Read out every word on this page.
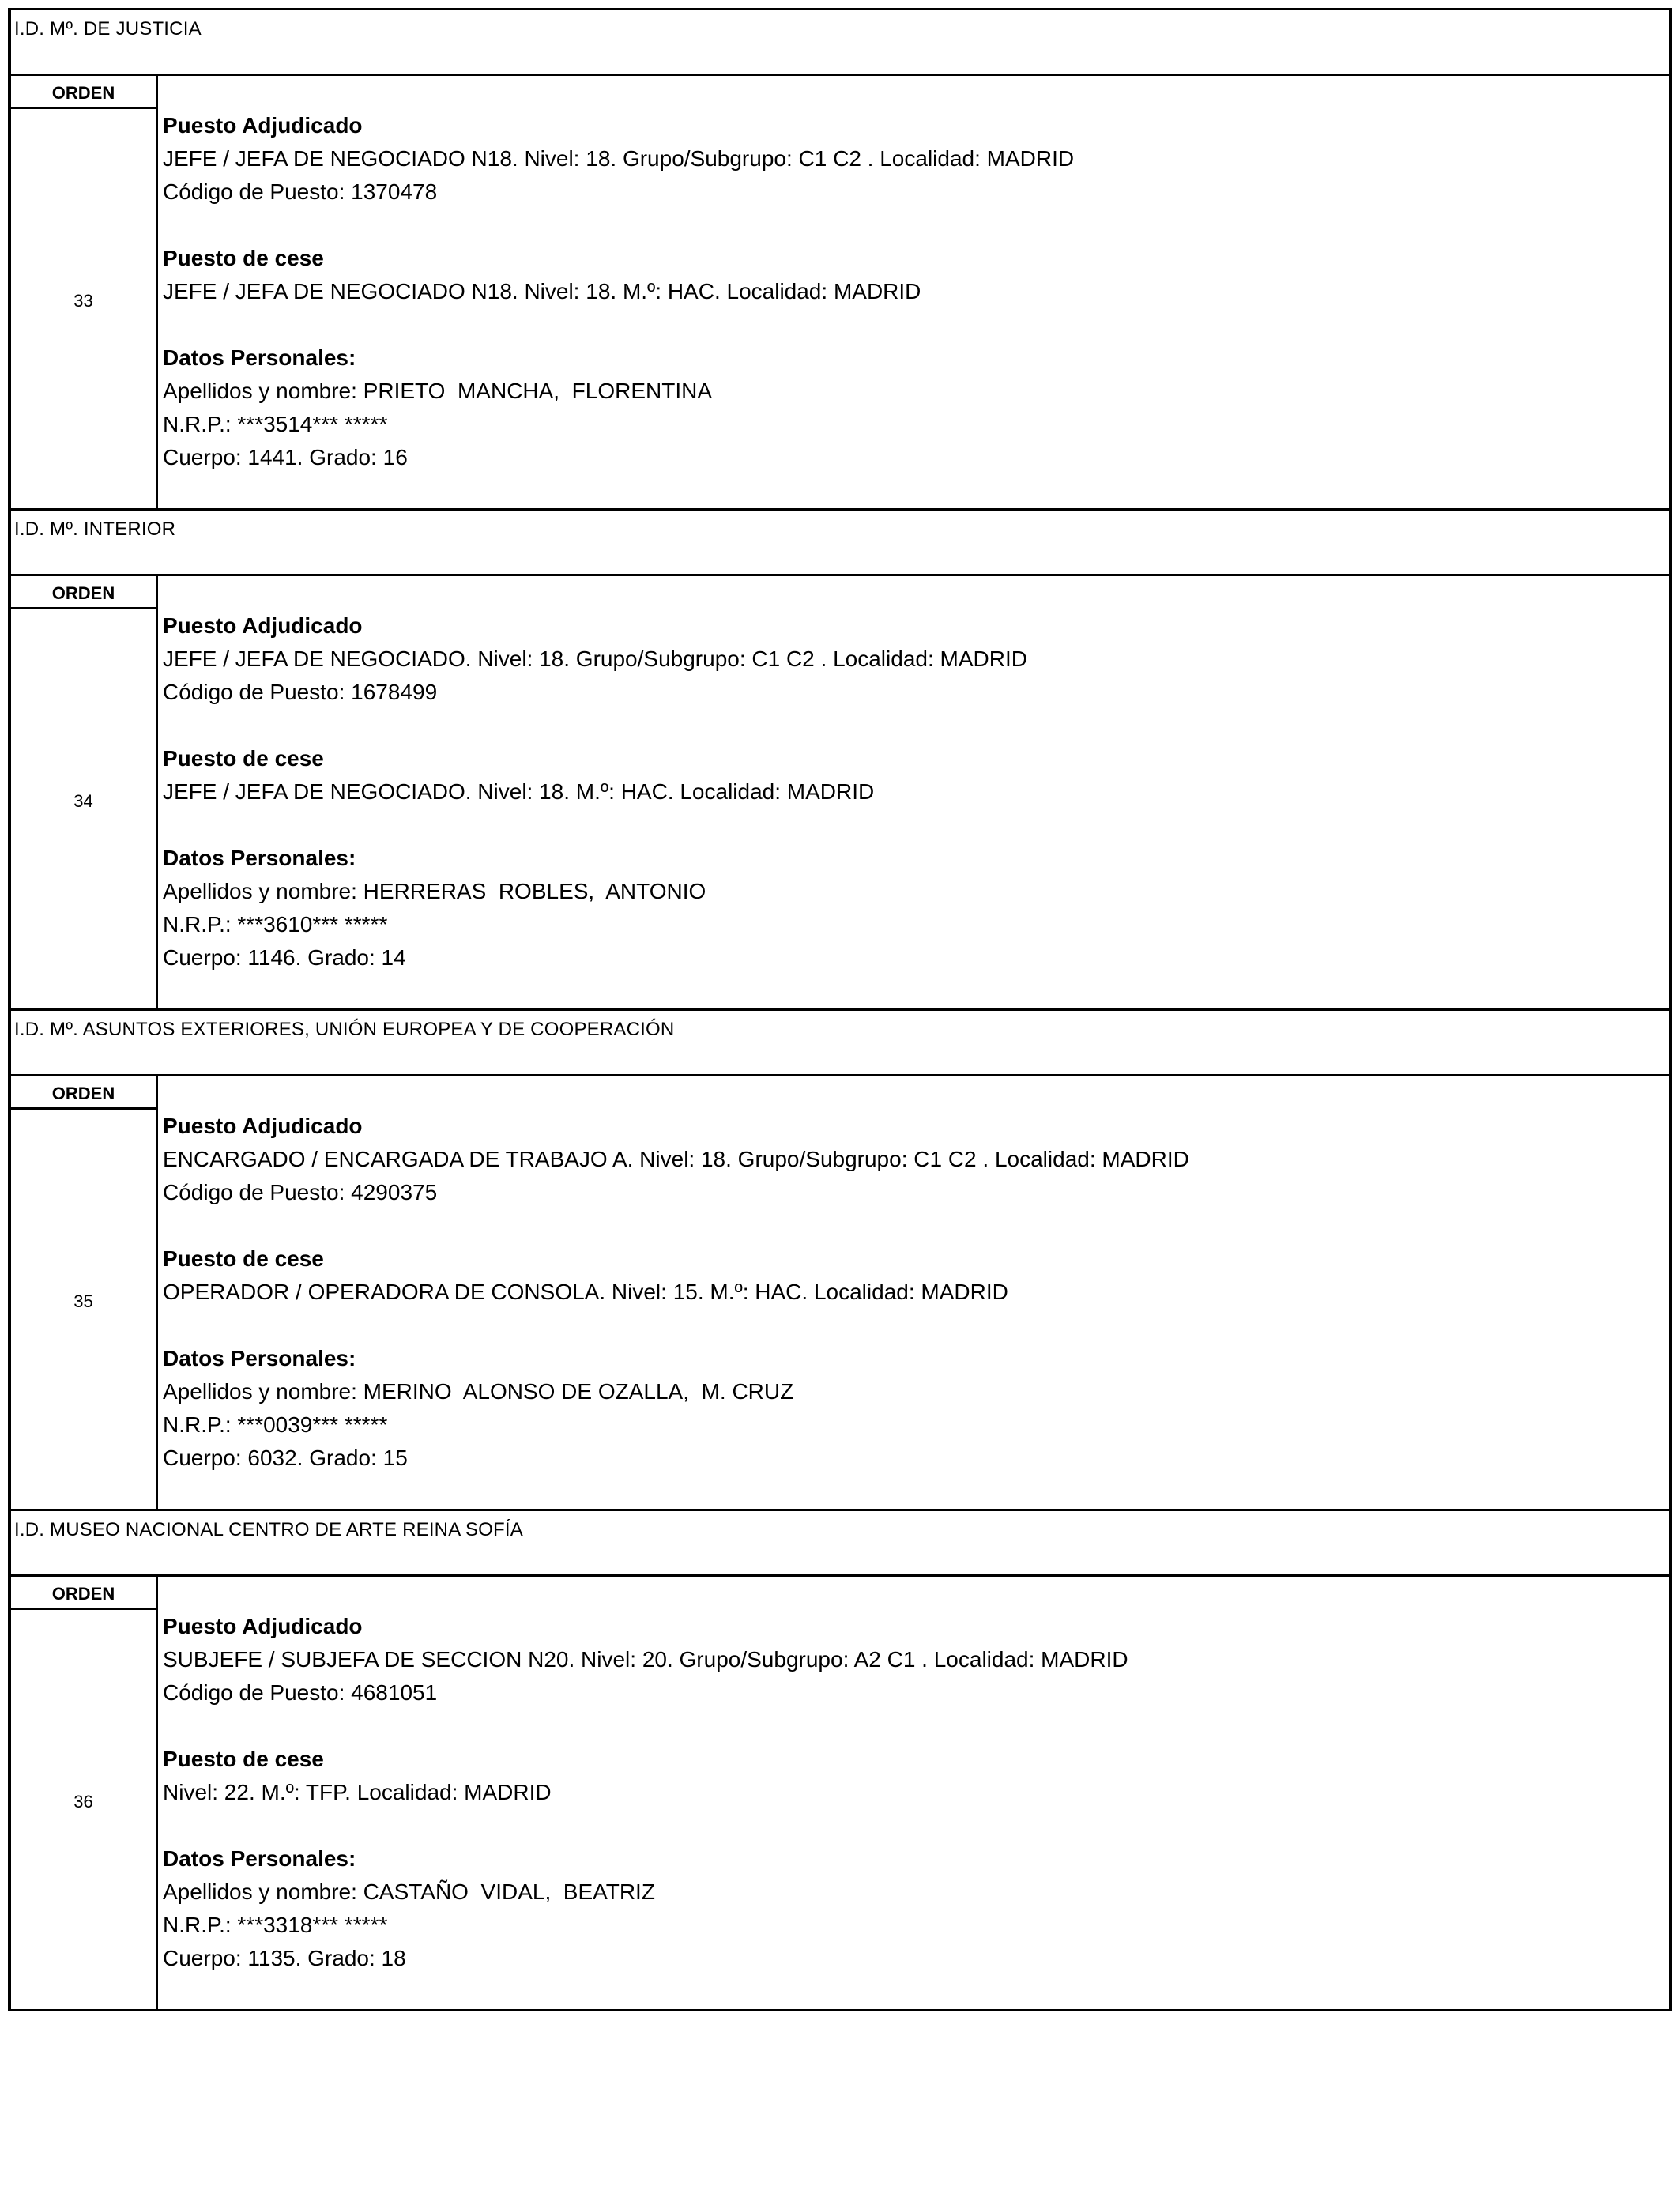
I.D. Mº. DE JUSTICIA
ORDEN
33
Puesto Adjudicado
JEFE / JEFA DE NEGOCIADO N18. Nivel: 18. Grupo/Subgrupo: C1 C2 . Localidad: MADRID
Código de Puesto: 1370478
Puesto de cese
JEFE / JEFA DE NEGOCIADO N18. Nivel: 18. M.º: HAC. Localidad: MADRID
Datos Personales:
Apellidos y nombre: PRIETO  MANCHA,  FLORENTINA
N.R.P.: ***3514*** *****
Cuerpo: 1441. Grado: 16
I.D. Mº. INTERIOR
ORDEN
34
Puesto Adjudicado
JEFE / JEFA DE NEGOCIADO. Nivel: 18. Grupo/Subgrupo: C1 C2 . Localidad: MADRID
Código de Puesto: 1678499
Puesto de cese
JEFE / JEFA DE NEGOCIADO. Nivel: 18. M.º: HAC. Localidad: MADRID
Datos Personales:
Apellidos y nombre: HERRERAS  ROBLES,  ANTONIO
N.R.P.: ***3610*** *****
Cuerpo: 1146. Grado: 14
I.D. Mº. ASUNTOS EXTERIORES, UNIÓN EUROPEA Y DE COOPERACIÓN
ORDEN
35
Puesto Adjudicado
ENCARGADO / ENCARGADA DE TRABAJO A. Nivel: 18. Grupo/Subgrupo: C1 C2 . Localidad: MADRID
Código de Puesto: 4290375
Puesto de cese
OPERADOR / OPERADORA DE CONSOLA. Nivel: 15. M.º: HAC. Localidad: MADRID
Datos Personales:
Apellidos y nombre: MERINO  ALONSO DE OZALLA,  M. CRUZ
N.R.P.: ***0039*** *****
Cuerpo: 6032. Grado: 15
I.D. MUSEO NACIONAL CENTRO DE ARTE REINA SOFÍA
ORDEN
36
Puesto Adjudicado
SUBJEFE / SUBJEFA DE SECCION N20. Nivel: 20. Grupo/Subgrupo: A2 C1 . Localidad: MADRID
Código de Puesto: 4681051
Puesto de cese
Nivel: 22. M.º: TFP. Localidad: MADRID
Datos Personales:
Apellidos y nombre: CASTAÑO  VIDAL,  BEATRIZ
N.R.P.: ***3318*** *****
Cuerpo: 1135. Grado: 18
